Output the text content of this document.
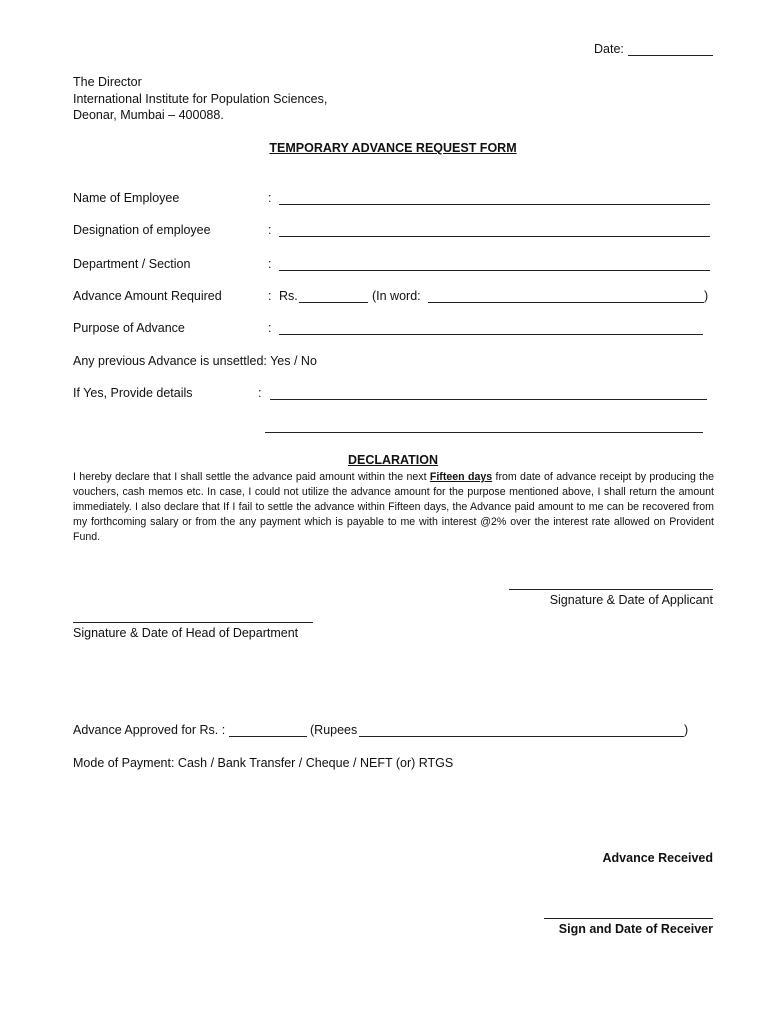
Date:
The Director
International Institute for Population Sciences,
Deonar, Mumbai – 400088.
TEMPORARY ADVANCE REQUEST FORM
Name of Employee	:
Designation of employee	:
Department / Section	:
Advance Amount Required	: Rs.	(In word:	)
Purpose of Advance	:
Any previous Advance is unsettled: Yes / No
If Yes, Provide details	:
DECLARATION
I hereby declare that I shall settle the advance paid amount within the next Fifteen days from date of advance receipt by producing the vouchers, cash memos etc. In case, I could not utilize the advance amount for the purpose mentioned above, I shall return the amount immediately. I also declare that If I fail to settle the advance within Fifteen days, the Advance paid amount to me can be recovered from my forthcoming salary or from the any payment which is payable to me with interest @2% over the interest rate allowed on Provident Fund.
Signature & Date of Applicant
Signature & Date of Head of Department
Advance Approved for Rs. :	(Rupees	)
Mode of Payment: Cash / Bank Transfer / Cheque / NEFT (or) RTGS
Advance Received
Sign and Date of Receiver
